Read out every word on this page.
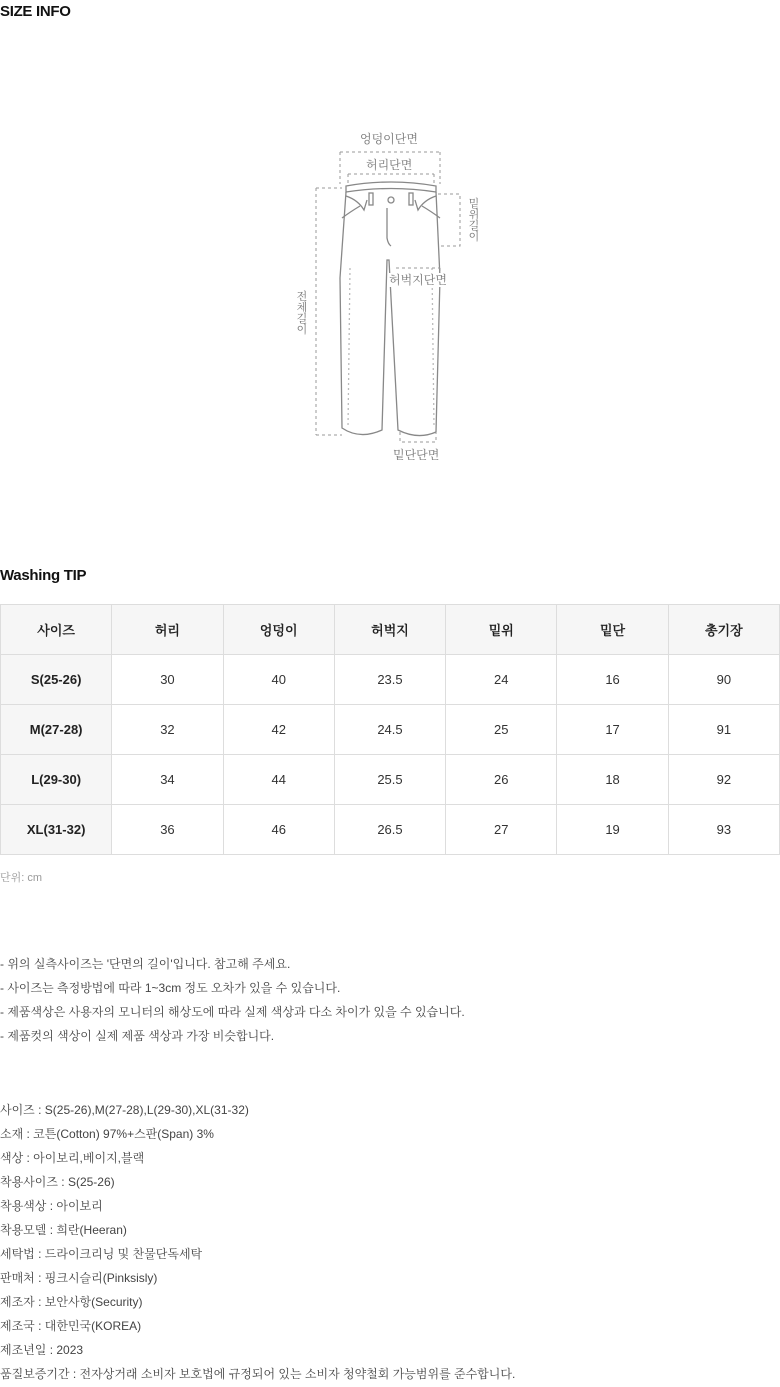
SIZE INFO
엉덩이단면
허리단면
밑위길이
전체길이
허벅지단면
밑단단면
Washing TIP
사이즈	허리	엉덩이	허벅지	밑위	밑단	총기장
S(25-26)	30	40	23.5	24	16	90
M(27-28)	32	42	24.5	25	17	91
L(29-30)	34	44	25.5	26	18	92
XL(31-32)	36	46	26.5	27	19	93
단위: cm
- 위의 실측사이즈는 '단면의 길이'입니다. 참고해 주세요.
- 사이즈는 측정방법에 따라 1~3cm 정도 오차가 있을 수 있습니다.
- 제품색상은 사용자의 모니터의 해상도에 따라 실제 색상과 다소 차이가 있을 수 있습니다.
- 제품컷의 색상이 실제 제품 색상과 가장 비슷합니다.
사이즈 : S(25-26),M(27-28),L(29-30),XL(31-32)
소재 : 코튼(Cotton) 97%+스판(Span) 3%
색상 : 아이보리,베이지,블랙
착용사이즈 : S(25-26)
착용색상 : 아이보리
착용모델 : 희란(Heeran)
세탁법 : 드라이크리닝 및 찬물단독세탁
판매처 : 핑크시슬리(Pinksisly)
제조자 : 보안사항(Security)
제조국 : 대한민국(KOREA)
제조년일 : 2023
품질보증기간 : 전자상거래 소비자 보호법에 규정되어 있는 소비자 청약철회 가능범위를 준수합니다.
